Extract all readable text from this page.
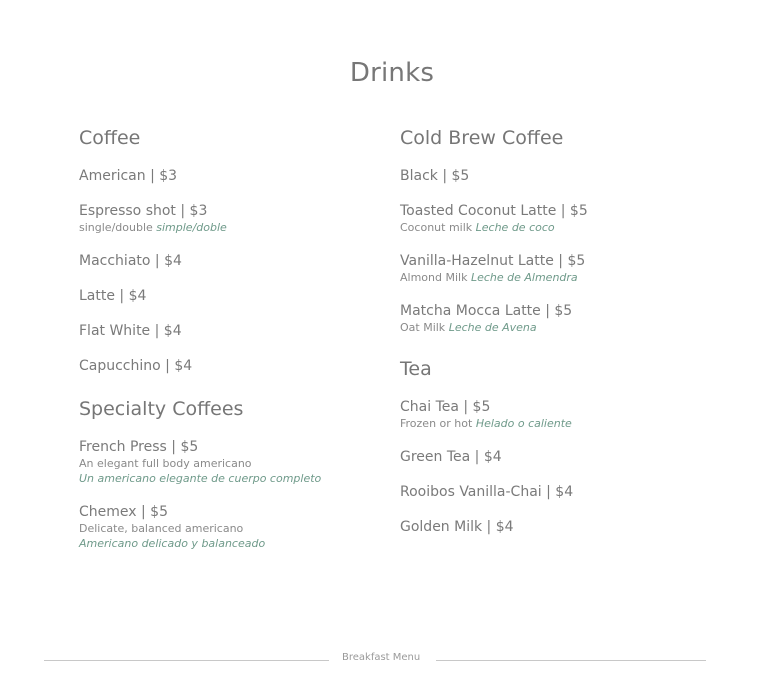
Drinks
Coffee
American | $3
Espresso shot | $3
single/double simple/doble
Macchiato | $4
Latte | $4
Flat White | $4
Capucchino | $4
Specialty Coffees
French Press | $5
An elegant full body americano
Un americano elegante de cuerpo completo
Chemex | $5
Delicate, balanced americano
Americano delicado y balanceado
Cold Brew Coffee
Black | $5
Toasted Coconut Latte | $5
Coconut milk Leche de coco
Vanilla-Hazelnut Latte | $5
Almond Milk Leche de Almendra
Matcha Mocca Latte | $5
Oat Milk Leche de Avena
Tea
Chai Tea | $5
Frozen or hot Helado o caliente
Green Tea | $4
Rooibos Vanilla-Chai | $4
Golden Milk | $4
Breakfast Menu
